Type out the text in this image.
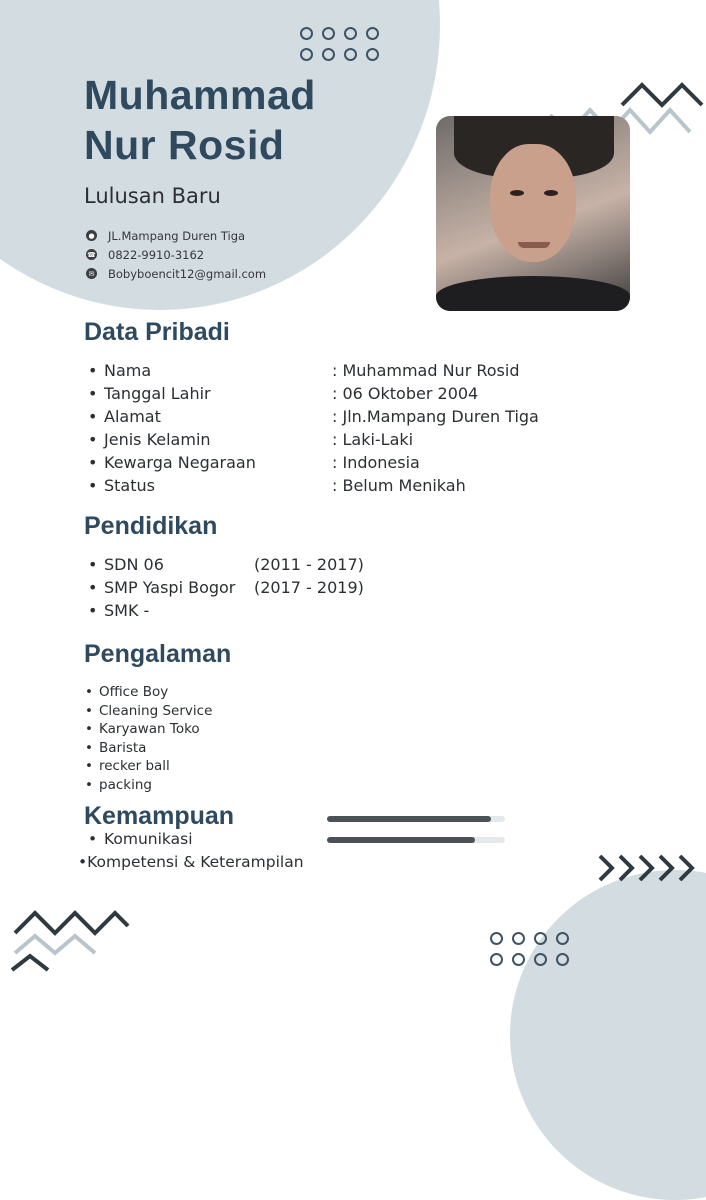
Muhammad
Nur Rosid
Lulusan Baru
● JL.Mampang Duren Tiga
☎ 0822-9910-3162
✉ Bobyboencit12@gmail.com
Data Pribadi
• Nama	: Muhammad Nur Rosid
• Tanggal Lahir	: 06 Oktober 2004
• Alamat	: Jln.Mampang Duren Tiga
• Jenis Kelamin	: Laki-Laki
• Kewarga Negaraan	: Indonesia
• Status	: Belum Menikah
Pendidikan
• SDN 06	(2011 - 2017)
• SMP Yaspi Bogor (2017 - 2019)
• SMK -
Pengalaman
• Office Boy
• Cleaning Service
• Karyawan Toko
• Barista
• recker ball
• packing
Kemampuan
• Komunikasi
•Kompetensi & Keterampilan
